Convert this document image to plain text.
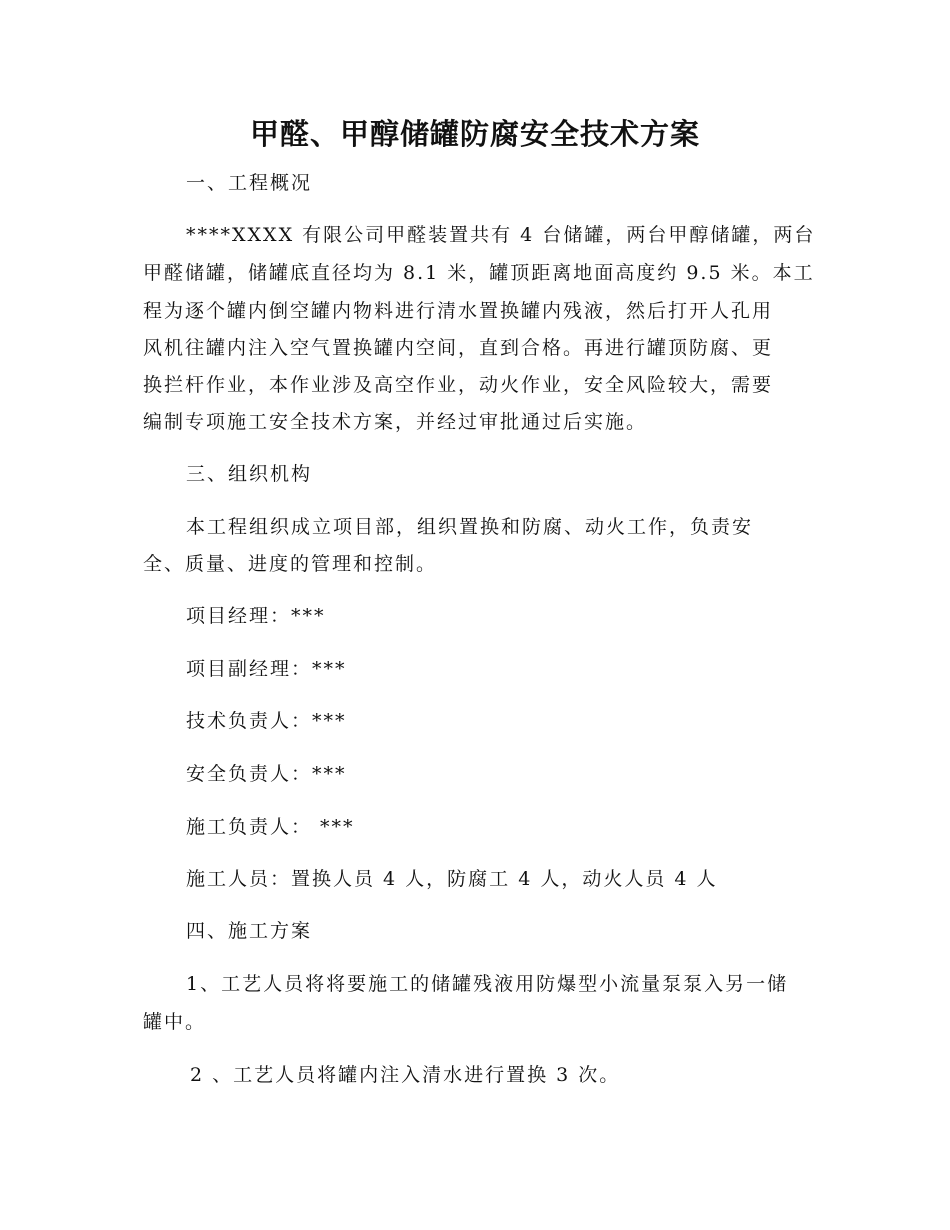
甲醛、甲醇储罐防腐安全技术方案
一、工程概况
****XXXX 有限公司甲醛装置共有 4 台储罐，两台甲醇储罐，两台
甲醛储罐，储罐底直径均为 8.1 米，罐顶距离地面高度约 9.5 米。本工
程为逐个罐内倒空罐内物料进行清水置换罐内残液，然后打开人孔用
风机往罐内注入空气置换罐内空间，直到合格。再进行罐顶防腐、更
换拦杆作业，本作业涉及高空作业，动火作业，安全风险较大，需要
编制专项施工安全技术方案，并经过审批通过后实施。
三、组织机构
本工程组织成立项目部，组织置换和防腐、动火工作，负责安
全、质量、进度的管理和控制。
项目经理：***
项目副经理：***
技术负责人：***
安全负责人：***
施工负责人： ***
施工人员：置换人员 4 人，防腐工 4 人，动火人员 4 人
四、施工方案
1、工艺人员将将要施工的储罐残液用防爆型小流量泵泵入另一储
罐中。
2 、工艺人员将罐内注入清水进行置换 3 次。
